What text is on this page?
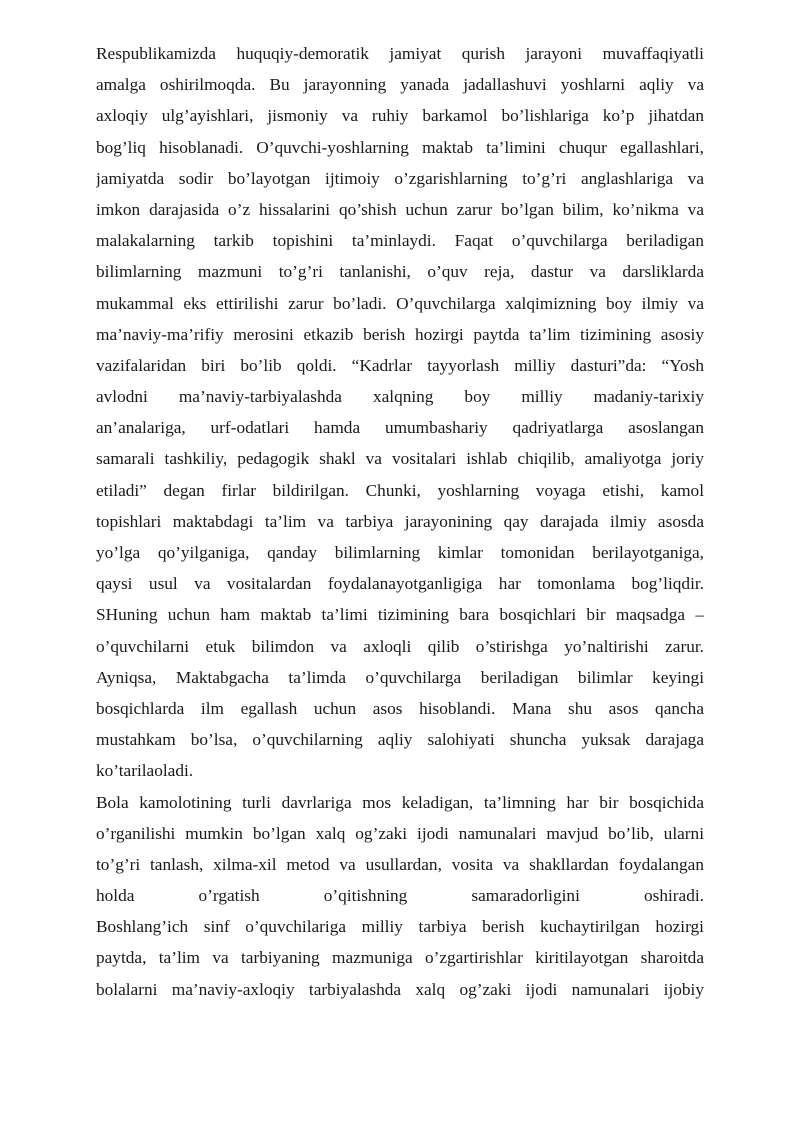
Respublikamizda huquqiy-demoratik jamiyat qurish jarayoni muvaffaqiyatli
amalga oshirilmoqda. Bu jarayonning yanada jadallashuvi yoshlarni aqliy va
axloqiy ulg’ayishlari, jismoniy va ruhiy barkamol bo’lishlariga ko’p jihatdan
bog’liq hisoblanadi. O’quvchi-yoshlarning maktab ta’limini chuqur egallashlari,
jamiyatda sodir bo’layotgan ijtimoiy o’zgarishlarning to’g’ri anglashlariga va
imkon darajasida o’z hissalarini qo’shish uchun zarur bo’lgan bilim, ko’nikma va
malakalarning tarkib topishini ta’minlaydi. Faqat o’quvchilarga beriladigan
bilimlarning mazmuni to’g’ri tanlanishi, o’quv reja, dastur va darsliklarda
mukammal eks ettirilishi zarur bo’ladi. O’quvchilarga xalqimizning boy ilmiy va
ma’naviy-ma’rifiy merosini etkazib berish hozirgi paytda ta’lim tizimining asosiy
vazifalaridan biri bo’lib qoldi. “Kadrlar tayyorlash milliy dasturi”da: “Yosh
avlodni ma’naviy-tarbiyalashda xalqning boy milliy madaniy-tarixiy
an’analariga, urf-odatlari hamda umumbashariy qadriyatlarga asoslangan
samarali tashkiliy, pedagogik shakl va vositalari ishlab chiqilib, amaliyotga joriy
etiladi” degan firlar bildirilgan. Chunki, yoshlarning voyaga etishi, kamol
topishlari maktabdagi ta’lim va tarbiya jarayonining qay darajada ilmiy asosda
yo’lga qo’yilganiga, qanday bilimlarning kimlar tomonidan berilayotganiga,
qaysi usul va vositalardan foydalanayotganligiga har tomonlama bog’liqdir.
SHuning uchun ham maktab ta’limi tizimining bara bosqichlari bir maqsadga –
o’quvchilarni etuk bilimdon va axloqli qilib o’stirishga yo’naltirishi zarur.
Ayniqsa, Maktabgacha ta’limda o’quvchilarga beriladigan bilimlar keyingi
bosqichlarda ilm egallash uchun asos hisoblandi. Mana shu asos qancha
mustahkam bo’lsa, o’quvchilarning aqliy salohiyati shuncha yuksak darajaga
ko’tarilaoladi.
Bola kamolotining turli davrlariga mos keladigan, ta’limning har bir bosqichida
o’rganilishi mumkin bo’lgan xalq og’zaki ijodi namunalari mavjud bo’lib, ularni
to’g’ri tanlash, xilma-xil metod va usullardan, vosita va shakllardan foydalangan
holda o’rgatish o’qitishning samaradorligini oshiradi.
Boshlang’ich sinf o’quvchilariga milliy tarbiya berish kuchaytirilgan hozirgi
paytda, ta’lim va tarbiyaning mazmuniga o’zgartirishlar kiritilayotgan sharoitda
bolalarni ma’naviy-axloqiy tarbiyalashda xalq og’zaki ijodi namunalari ijobiy
